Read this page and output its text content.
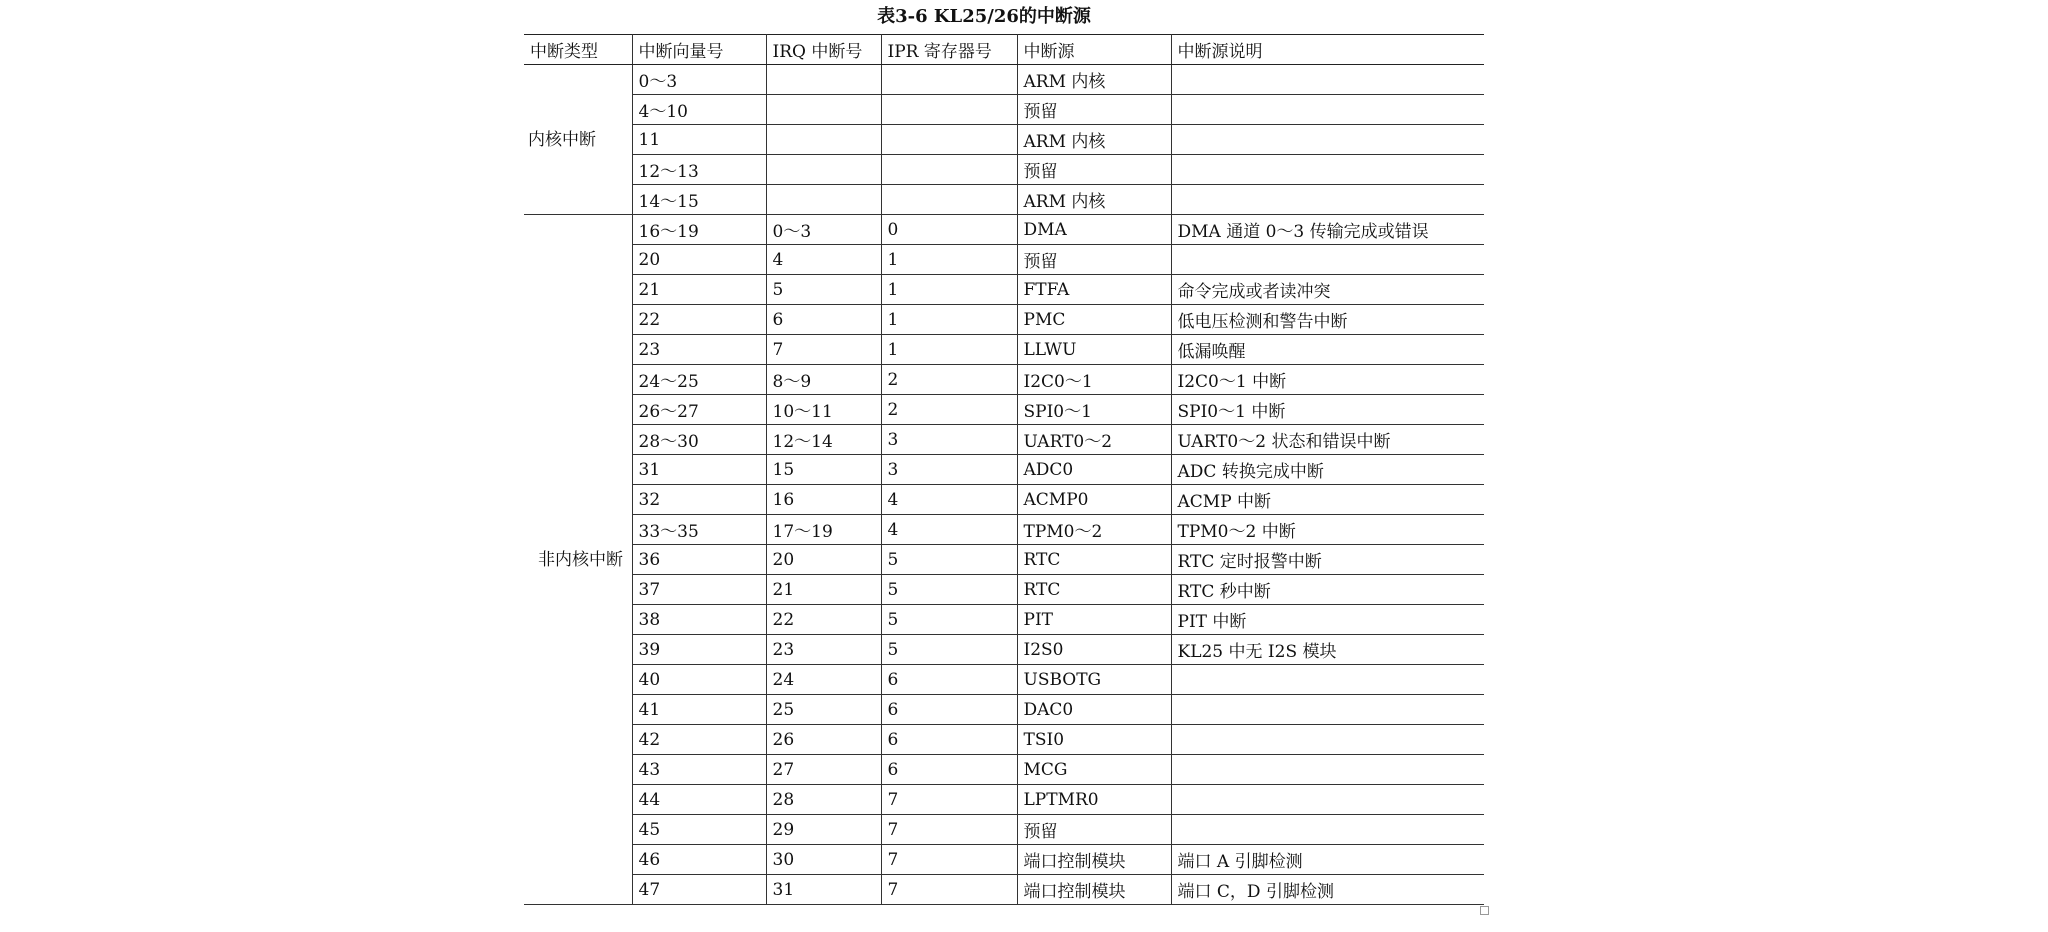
表3-6 KL25/26的中断源
中断类型	中断向量号	IRQ 中断号	IPR 寄存器号	中断源	中断源说明
内核中断	0～3			ARM 内核	
	4～10			预留	
	11			ARM 内核	
	12～13			预留	
	14～15			ARM 内核	
非内核中断	16～19	0～3	0	DMA	DMA 通道 0～3 传输完成或错误
	20	4	1	预留	
	21	5	1	FTFA	命令完成或者读冲突
	22	6	1	PMC	低电压检测和警告中断
	23	7	1	LLWU	低漏唤醒
	24～25	8～9	2	I2C0～1	I2C0～1 中断
	26～27	10～11	2	SPI0～1	SPI0～1 中断
	28～30	12～14	3	UART0～2	UART0～2 状态和错误中断
	31	15	3	ADC0	ADC 转换完成中断
	32	16	4	ACMP0	ACMP 中断
	33～35	17～19	4	TPM0～2	TPM0～2 中断
	36	20	5	RTC	RTC 定时报警中断
	37	21	5	RTC	RTC 秒中断
	38	22	5	PIT	PIT 中断
	39	23	5	I2S0	KL25 中无 I2S 模块
	40	24	6	USBOTG	
	41	25	6	DAC0	
	42	26	6	TSI0	
	43	27	6	MCG	
	44	28	7	LPTMR0	
	45	29	7	预留	
	46	30	7	端口控制模块	端口 A 引脚检测
	47	31	7	端口控制模块	端口 C，D 引脚检测
